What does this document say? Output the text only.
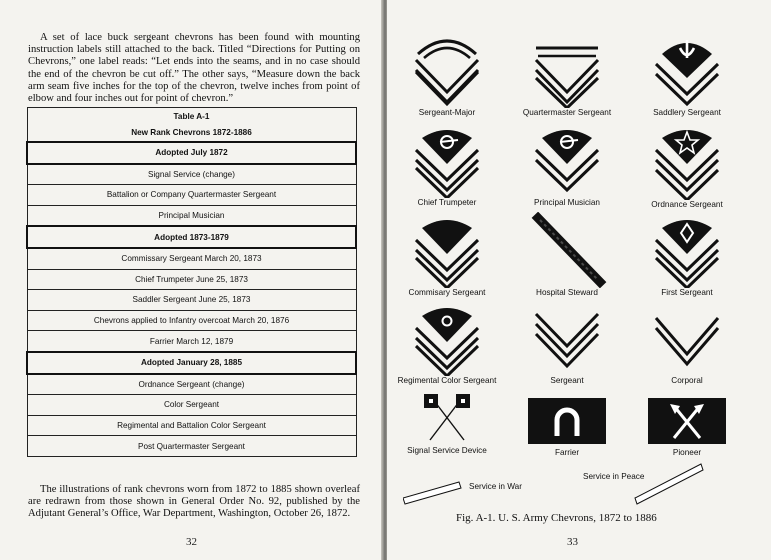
A set of lace buck sergeant chevrons has been found with mounting instruction labels still attached to the back. Titled “Directions for Putting on Chevrons,” one label reads: “Let ends into the seams, and in no case should the end of the chevron be cut off.” The other says, “Measure down the back arm seam five inches for the top of the chevron, twelve inches from point of elbow and four inches out for point of chevron.”
Table A-1
New Rank Chevrons 1872-1886
Adopted July 1872
Signal Service (change)
Battalion or Company Quartermaster Sergeant
Principal Musician
Adopted 1873-1879
Commissary Sergeant March 20, 1873
Chief Trumpeter June 25, 1873
Saddler Sergeant June 25, 1873
Chevrons applied to Infantry overcoat March 20, 1876
Farrier March 12, 1879
Adopted January 28, 1885
Ordnance Sergeant (change)
Color Sergeant
Regimental and Battalion Color Sergeant
Post Quartermaster Sergeant
The illustrations of rank chevrons worn from 1872 to 1885 shown overleaf are redrawn from those shown in General Order No. 92, published by the Adjutant General’s Office, War Department, Washington, October 26, 1872.
32
Sergeant-Major	Quartermaster Sergeant	Saddlery Sergeant
Chief Trumpeter	Principal Musician	Ordnance Sergeant
Commisary Sergeant	Hospital Steward	First Sergeant
Regimental Color Sergeant	Sergeant	Corporal
Signal Service Device	Farrier	Pioneer
Service in War
Service in Peace
Fig. A-1. U. S. Army Chevrons, 1872 to 1886
33
